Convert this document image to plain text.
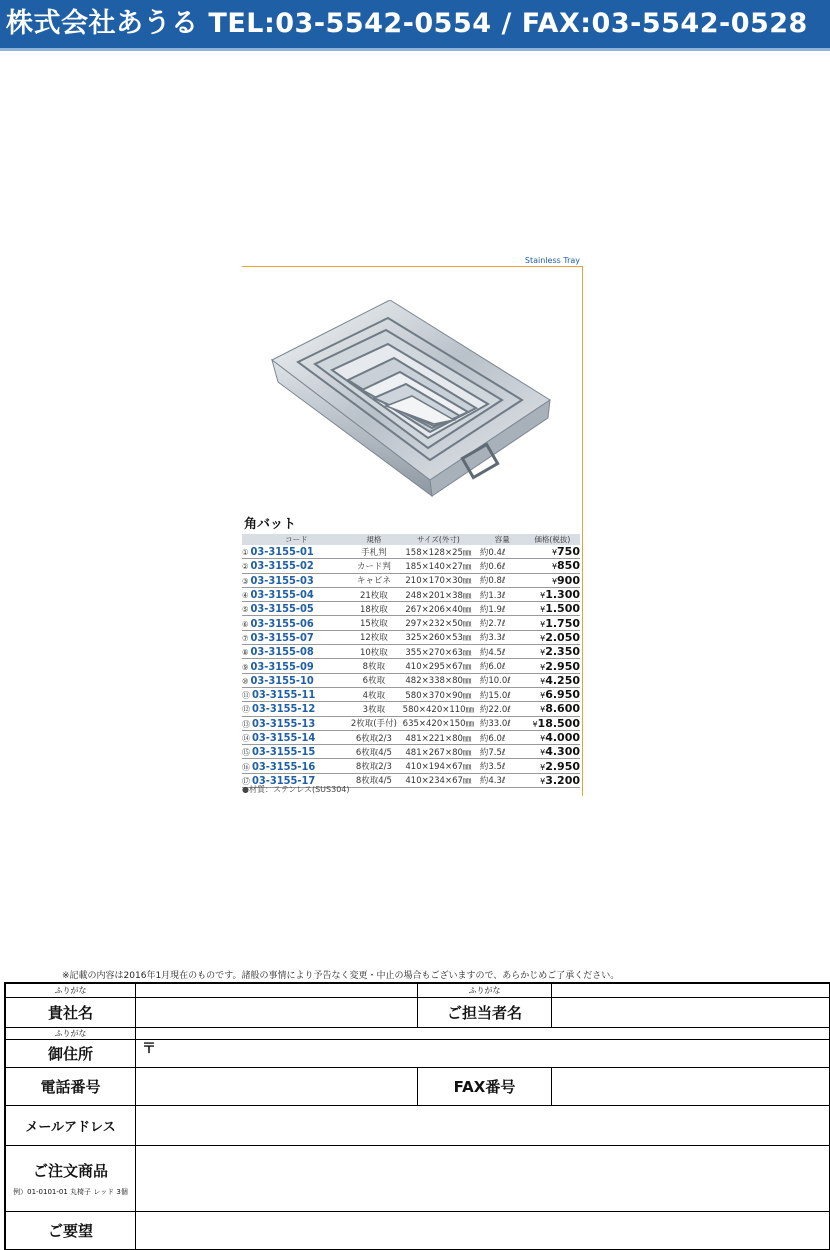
株式会社あうる TEL:03-5542-0554 / FAX:03-5542-0528
Stainless Tray
角バット
コード	規格	サイズ(外寸)	容量	価格(税抜)
① 03-3155-01	手札判	158×128×25㎜	約0.4ℓ	¥750
② 03-3155-02	カード判	185×140×27㎜	約0.6ℓ	¥850
③ 03-3155-03	キャビネ	210×170×30㎜	約0.8ℓ	¥900
④ 03-3155-04	21枚取	248×201×38㎜	約1.3ℓ	¥1.300
⑤ 03-3155-05	18枚取	267×206×40㎜	約1.9ℓ	¥1.500
⑥ 03-3155-06	15枚取	297×232×50㎜	約2.7ℓ	¥1.750
⑦ 03-3155-07	12枚取	325×260×53㎜	約3.3ℓ	¥2.050
⑧ 03-3155-08	10枚取	355×270×63㎜	約4.5ℓ	¥2.350
⑨ 03-3155-09	8枚取	410×295×67㎜	約6.0ℓ	¥2.950
⑩ 03-3155-10	6枚取	482×338×80㎜	約10.0ℓ	¥4.250
⑪ 03-3155-11	4枚取	580×370×90㎜	約15.0ℓ	¥6.950
⑫ 03-3155-12	3枚取	580×420×110㎜	約22.0ℓ	¥8.600
⑬ 03-3155-13	2枚取(手付)	635×420×150㎜	約33.0ℓ	¥18.500
⑭ 03-3155-14	6枚取2/3	481×221×80㎜	約6.0ℓ	¥4.000
⑮ 03-3155-15	6枚取4/5	481×267×80㎜	約7.5ℓ	¥4.300
⑯ 03-3155-16	8枚取2/3	410×194×67㎜	約3.5ℓ	¥2.950
⑰ 03-3155-17	8枚取4/5	410×234×67㎜	約4.3ℓ	¥3.200
●材質：ステンレス(SUS304)
※記載の内容は2016年1月現在のものです。諸般の事情により予告なく変更・中止の場合もございますので、あらかじめご了承ください。
ふりがな	ふりがな
貴社名	ご担当者名
ふりがな
御住所	〒
電話番号	FAX番号
メールアドレス
ご注文商品
例）01-0101-01 丸椅子 レッド 3個
ご要望
